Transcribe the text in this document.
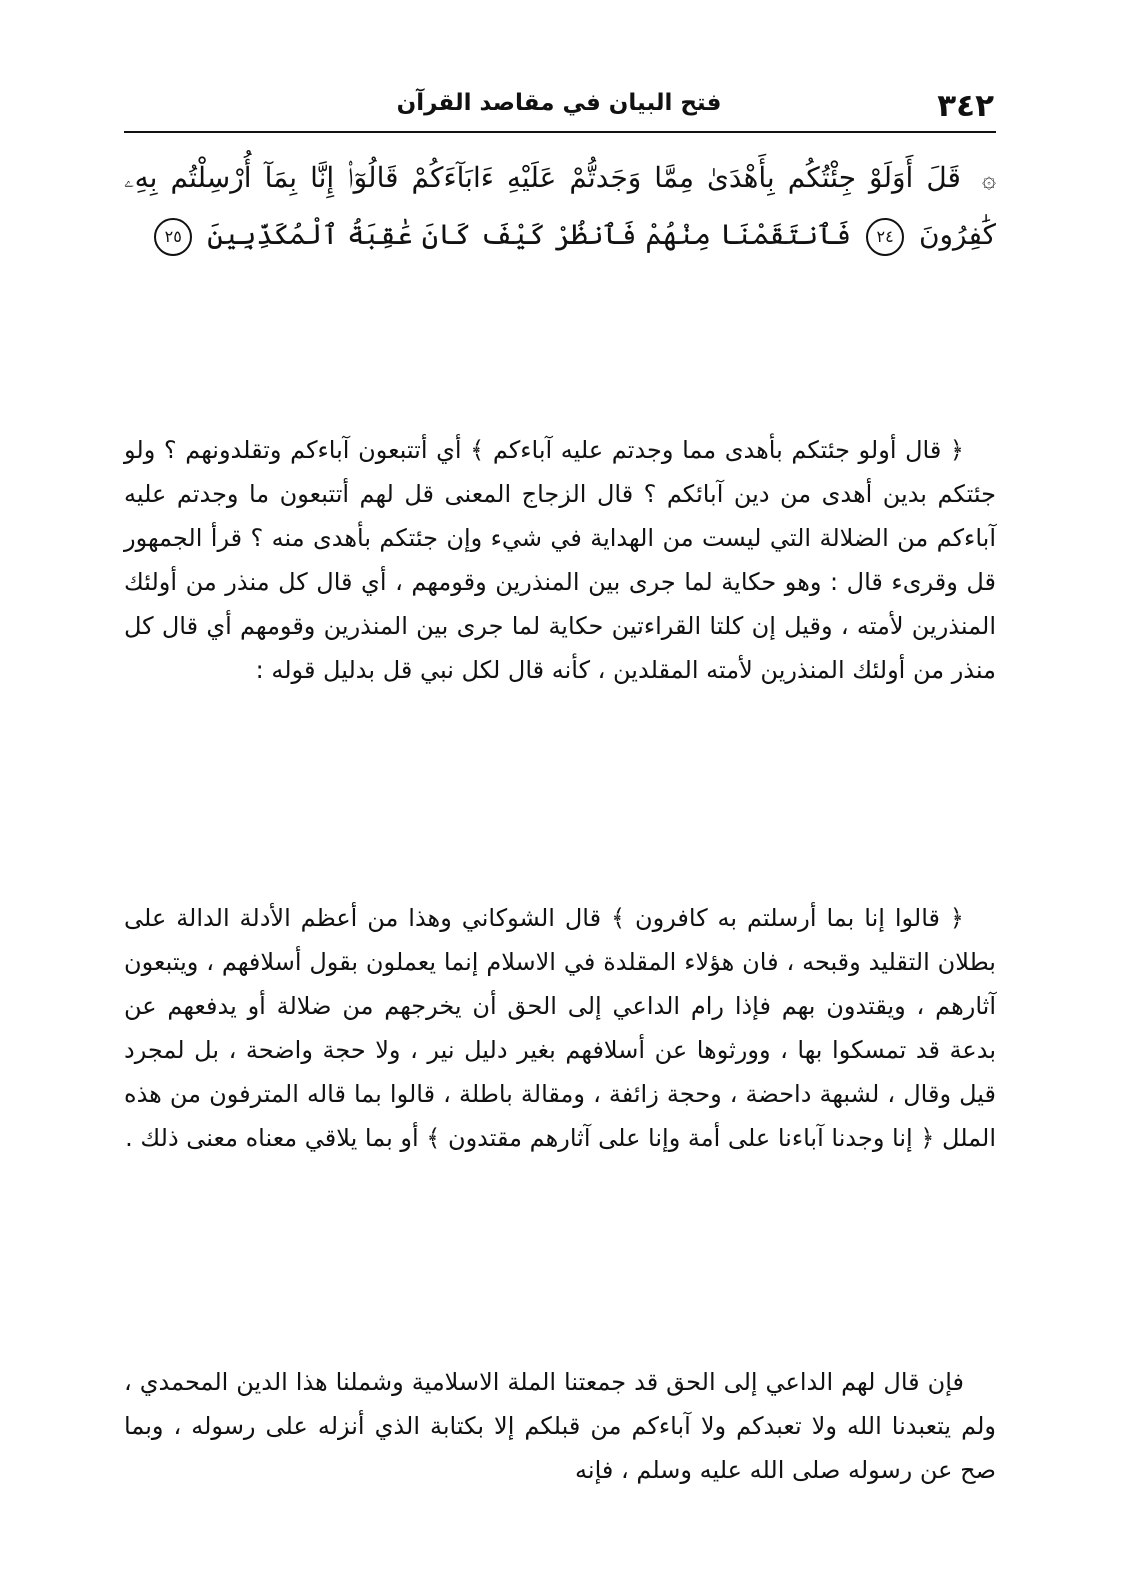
٣٤٢
فتح البيان في مقاصد القرآن
۞ قَلَ أَوَلَوْ جِئْتُكُم بِأَهْدَىٰ مِمَّا وَجَدتُّمْ عَلَيْهِ ءَابَآءَكُمْ قَالُوٓا۟ إِنَّا بِمَآ أُرْسِلْتُم بِهِۦ كَٰفِرُونَ ٢٤ فَٱنتَقَمْنَا مِنْهُمْ فَٱنظُرْ كَيْفَ كَانَ عَٰقِبَةُ ٱلْمُكَذِّبِينَ ٢٥

﴿ قال أولو جئتكم بأهدى مما وجدتم عليه آباءكم ﴾ أي أتتبعون آباءكم وتقلدونهم ؟ ولو جئتكم بدين أهدى من دين آبائكم ؟ قال الزجاج المعنى قل لهم أتتبعون ما وجدتم عليه آباءكم من الضلالة التي ليست من الهداية في شيء وإن جئتكم بأهدى منه ؟ قرأ الجمهور قل وقرىء قال : وهو حكاية لما جرى بين المنذرين وقومهم ، أي قال كل منذر من أولئك المنذرين لأمته ، وقيل إن كلتا القراءتين حكاية لما جرى بين المنذرين وقومهم أي قال كل منذر من أولئك المنذرين لأمته المقلدين ، كأنه قال لكل نبي قل بدليل قوله :

﴿ قالوا إنا بما أرسلتم به كافرون ﴾ قال الشوكاني وهذا من أعظم الأدلة الدالة على بطلان التقليد وقبحه ، فان هؤلاء المقلدة في الاسلام إنما يعملون بقول أسلافهم ، ويتبعون آثارهم ، ويقتدون بهم فإذا رام الداعي إلى الحق أن يخرجهم من ضلالة أو يدفعهم عن بدعة قد تمسكوا بها ، وورثوها عن أسلافهم بغير دليل نير ، ولا حجة واضحة ، بل لمجرد قيل وقال ، لشبهة داحضة ، وحجة زائفة ، ومقالة باطلة ، قالوا بما قاله المترفون من هذه الملل ﴿ إنا وجدنا آباءنا على أمة وإنا على آثارهم مقتدون ﴾ أو بما يلاقي معناه معنى ذلك .

فإن قال لهم الداعي إلى الحق قد جمعتنا الملة الاسلامية وشملنا هذا الدين المحمدي ، ولم يتعبدنا الله ولا تعبدكم ولا آباءكم من قبلكم إلا بكتابة الذي أنزله على رسوله ، وبما صح عن رسوله صلى الله عليه وسلم ، فإنه
